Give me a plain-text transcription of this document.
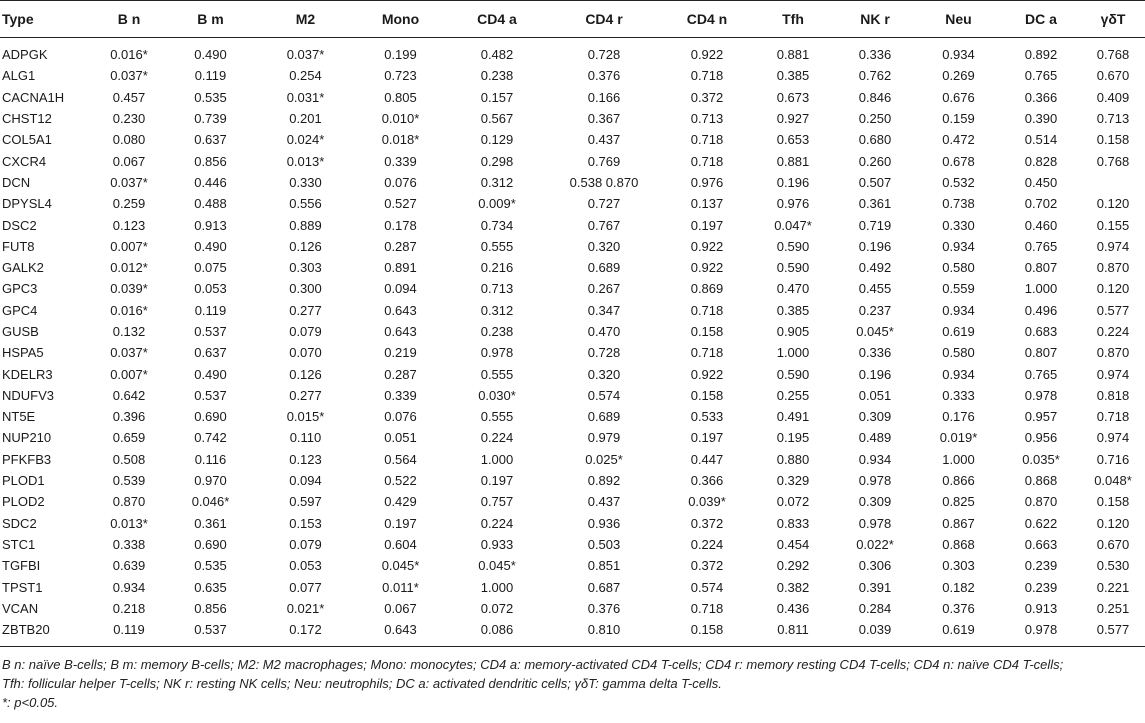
Type	B n	B m	M2	Mono	CD4 a	CD4 r	CD4 n	Tfh	NK r	Neu	DC a	γδT
ADPGK	0.016*	0.490	0.037*	0.199	0.482	0.728	0.922	0.881	0.336	0.934	0.892	0.768
ALG1	0.037*	0.119	0.254	0.723	0.238	0.376	0.718	0.385	0.762	0.269	0.765	0.670
CACNA1H	0.457	0.535	0.031*	0.805	0.157	0.166	0.372	0.673	0.846	0.676	0.366	0.409
CHST12	0.230	0.739	0.201	0.010*	0.567	0.367	0.713	0.927	0.250	0.159	0.390	0.713
COL5A1	0.080	0.637	0.024*	0.018*	0.129	0.437	0.718	0.653	0.680	0.472	0.514	0.158
CXCR4	0.067	0.856	0.013*	0.339	0.298	0.769	0.718	0.881	0.260	0.678	0.828	0.768
DCN	0.037*	0.446	0.330	0.076	0.312	0.538 0.870	0.976	0.196	0.507	0.532	0.450	
DPYSL4	0.259	0.488	0.556	0.527	0.009*	0.727	0.137	0.976	0.361	0.738	0.702	0.120
DSC2	0.123	0.913	0.889	0.178	0.734	0.767	0.197	0.047*	0.719	0.330	0.460	0.155
FUT8	0.007*	0.490	0.126	0.287	0.555	0.320	0.922	0.590	0.196	0.934	0.765	0.974
GALK2	0.012*	0.075	0.303	0.891	0.216	0.689	0.922	0.590	0.492	0.580	0.807	0.870
GPC3	0.039*	0.053	0.300	0.094	0.713	0.267	0.869	0.470	0.455	0.559	1.000	0.120
GPC4	0.016*	0.119	0.277	0.643	0.312	0.347	0.718	0.385	0.237	0.934	0.496	0.577
GUSB	0.132	0.537	0.079	0.643	0.238	0.470	0.158	0.905	0.045*	0.619	0.683	0.224
HSPA5	0.037*	0.637	0.070	0.219	0.978	0.728	0.718	1.000	0.336	0.580	0.807	0.870
KDELR3	0.007*	0.490	0.126	0.287	0.555	0.320	0.922	0.590	0.196	0.934	0.765	0.974
NDUFV3	0.642	0.537	0.277	0.339	0.030*	0.574	0.158	0.255	0.051	0.333	0.978	0.818
NT5E	0.396	0.690	0.015*	0.076	0.555	0.689	0.533	0.491	0.309	0.176	0.957	0.718
NUP210	0.659	0.742	0.110	0.051	0.224	0.979	0.197	0.195	0.489	0.019*	0.956	0.974
PFKFB3	0.508	0.116	0.123	0.564	1.000	0.025*	0.447	0.880	0.934	1.000	0.035*	0.716
PLOD1	0.539	0.970	0.094	0.522	0.197	0.892	0.366	0.329	0.978	0.866	0.868	0.048*
PLOD2	0.870	0.046*	0.597	0.429	0.757	0.437	0.039*	0.072	0.309	0.825	0.870	0.158
SDC2	0.013*	0.361	0.153	0.197	0.224	0.936	0.372	0.833	0.978	0.867	0.622	0.120
STC1	0.338	0.690	0.079	0.604	0.933	0.503	0.224	0.454	0.022*	0.868	0.663	0.670
TGFBI	0.639	0.535	0.053	0.045*	0.045*	0.851	0.372	0.292	0.306	0.303	0.239	0.530
TPST1	0.934	0.635	0.077	0.011*	1.000	0.687	0.574	0.382	0.391	0.182	0.239	0.221
VCAN	0.218	0.856	0.021*	0.067	0.072	0.376	0.718	0.436	0.284	0.376	0.913	0.251
ZBTB20	0.119	0.537	0.172	0.643	0.086	0.810	0.158	0.811	0.039	0.619	0.978	0.577
B n: naïve B-cells; B m: memory B-cells; M2: M2 macrophages; Mono: monocytes; CD4 a: memory-activated CD4 T-cells; CD4 r: memory resting CD4 T-cells; CD4 n: naïve CD4 T-cells;
Tfh: follicular helper T-cells; NK r: resting NK cells; Neu: neutrophils; DC a: activated dendritic cells; γδT: gamma delta T-cells.
*: p<0.05.
